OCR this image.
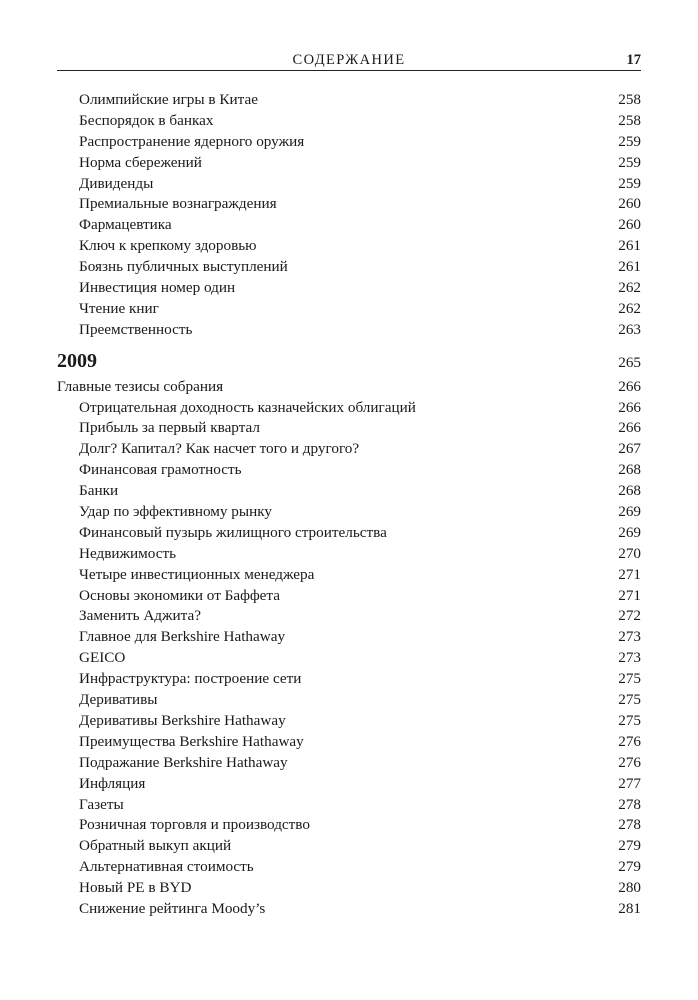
СОДЕРЖАНИЕ	17
Олимпийские игры в Китае	258
Беспорядок в банках	258
Распространение ядерного оружия	259
Норма сбережений	259
Дивиденды	259
Премиальные вознаграждения	260
Фармацевтика	260
Ключ к крепкому здоровью	261
Боязнь публичных выступлений	261
Инвестиция номер один	262
Чтение книг	262
Преемственность	263
2009	265
Главные тезисы собрания	266
Отрицательная доходность казначейских облигаций	266
Прибыль за первый квартал	266
Долг? Капитал? Как насчет того и другого?	267
Финансовая грамотность	268
Банки	268
Удар по эффективному рынку	269
Финансовый пузырь жилищного строительства	269
Недвижимость	270
Четыре инвестиционных менеджера	271
Основы экономики от Баффета	271
Заменить Аджита?	272
Главное для Berkshire Hathaway	273
GEICO	273
Инфраструктура: построение сети	275
Деривативы	275
Деривативы Berkshire Hathaway	275
Преимущества Berkshire Hathaway	276
Подражание Berkshire Hathaway	276
Инфляция	277
Газеты	278
Розничная торговля и производство	278
Обратный выкуп акций	279
Альтернативная стоимость	279
Новый PE в BYD	280
Снижение рейтинга Moody’s	281
